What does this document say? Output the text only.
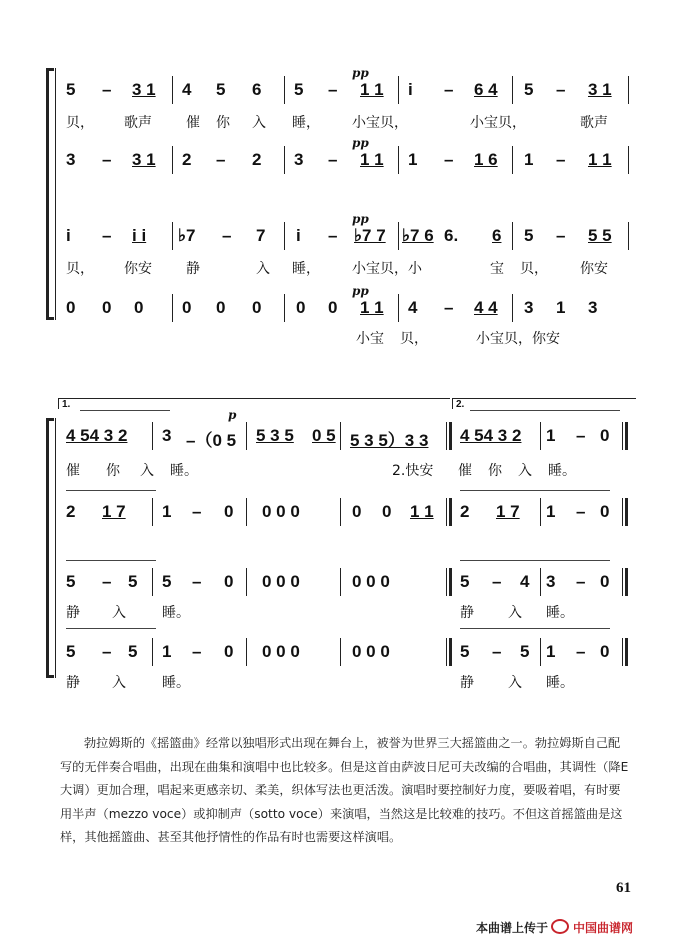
5

–

3 1

4

5

6

5

–

1 1

i

–

6 4

5

–

3 1

pp

贝，

歌声

催

你

入

睡，

小宝贝，

	小宝贝，

	歌声

3

–

3 1

2

–

2

3

–

1 1

1

–

1 6

1

–

1 1

pp

i

–

i i

♭7

–

7

i

–

♭7 7

♭7 6

6.

6

5

–

5 5

pp

贝，

你安

静

	入

睡，

小宝贝，小

	宝

贝，

你安

0

0

0

0

0

0

0

0

1 1

4

–

4 4

3

1

3

pp

小宝

贝，

	小宝贝，你安

1.	2.
p

4 54 3 2

3

–（0 5

5 3 5

0 5

5 3 5）3 3

4 54 3 2

1

–

0

催

你

入

睡。

	2.快安

催

你

入

睡。

2

1 7

1

–

0

0 0 0

	0

0

1 1

2

1 7

1

–

0

5

–

5

5

–

0

0 0 0

	0 0 0

	5

–

4

3

–

0

静

入

	睡。

	静

入

睡。

5

–

5

1

–

0

0 0 0

	0 0 0

	5

–

5

1

–

0

静

入

	睡。

	静

入

睡。

勃拉姆斯的《摇篮曲》经常以独唱形式出现在舞台上，被誉为世界三大摇篮曲之一。勃拉姆斯自己配写的无伴奏合唱曲，出现在曲集和演唱中也比较多。但是这首由萨波日尼可夫改编的合唱曲，其调性（降E大调）更加合理，唱起来更感亲切、柔美，织体写法也更活泼。演唱时要控制好力度，要吸着唱，有时要用半声（mezzo voce）或抑制声（sotto voce）来演唱，当然这是比较难的技巧。不但这首摇篮曲是这样，其他摇篮曲、甚至其他抒情性的作品有时也需要这样演唱。
61
本曲谱上传于 中国曲谱网
